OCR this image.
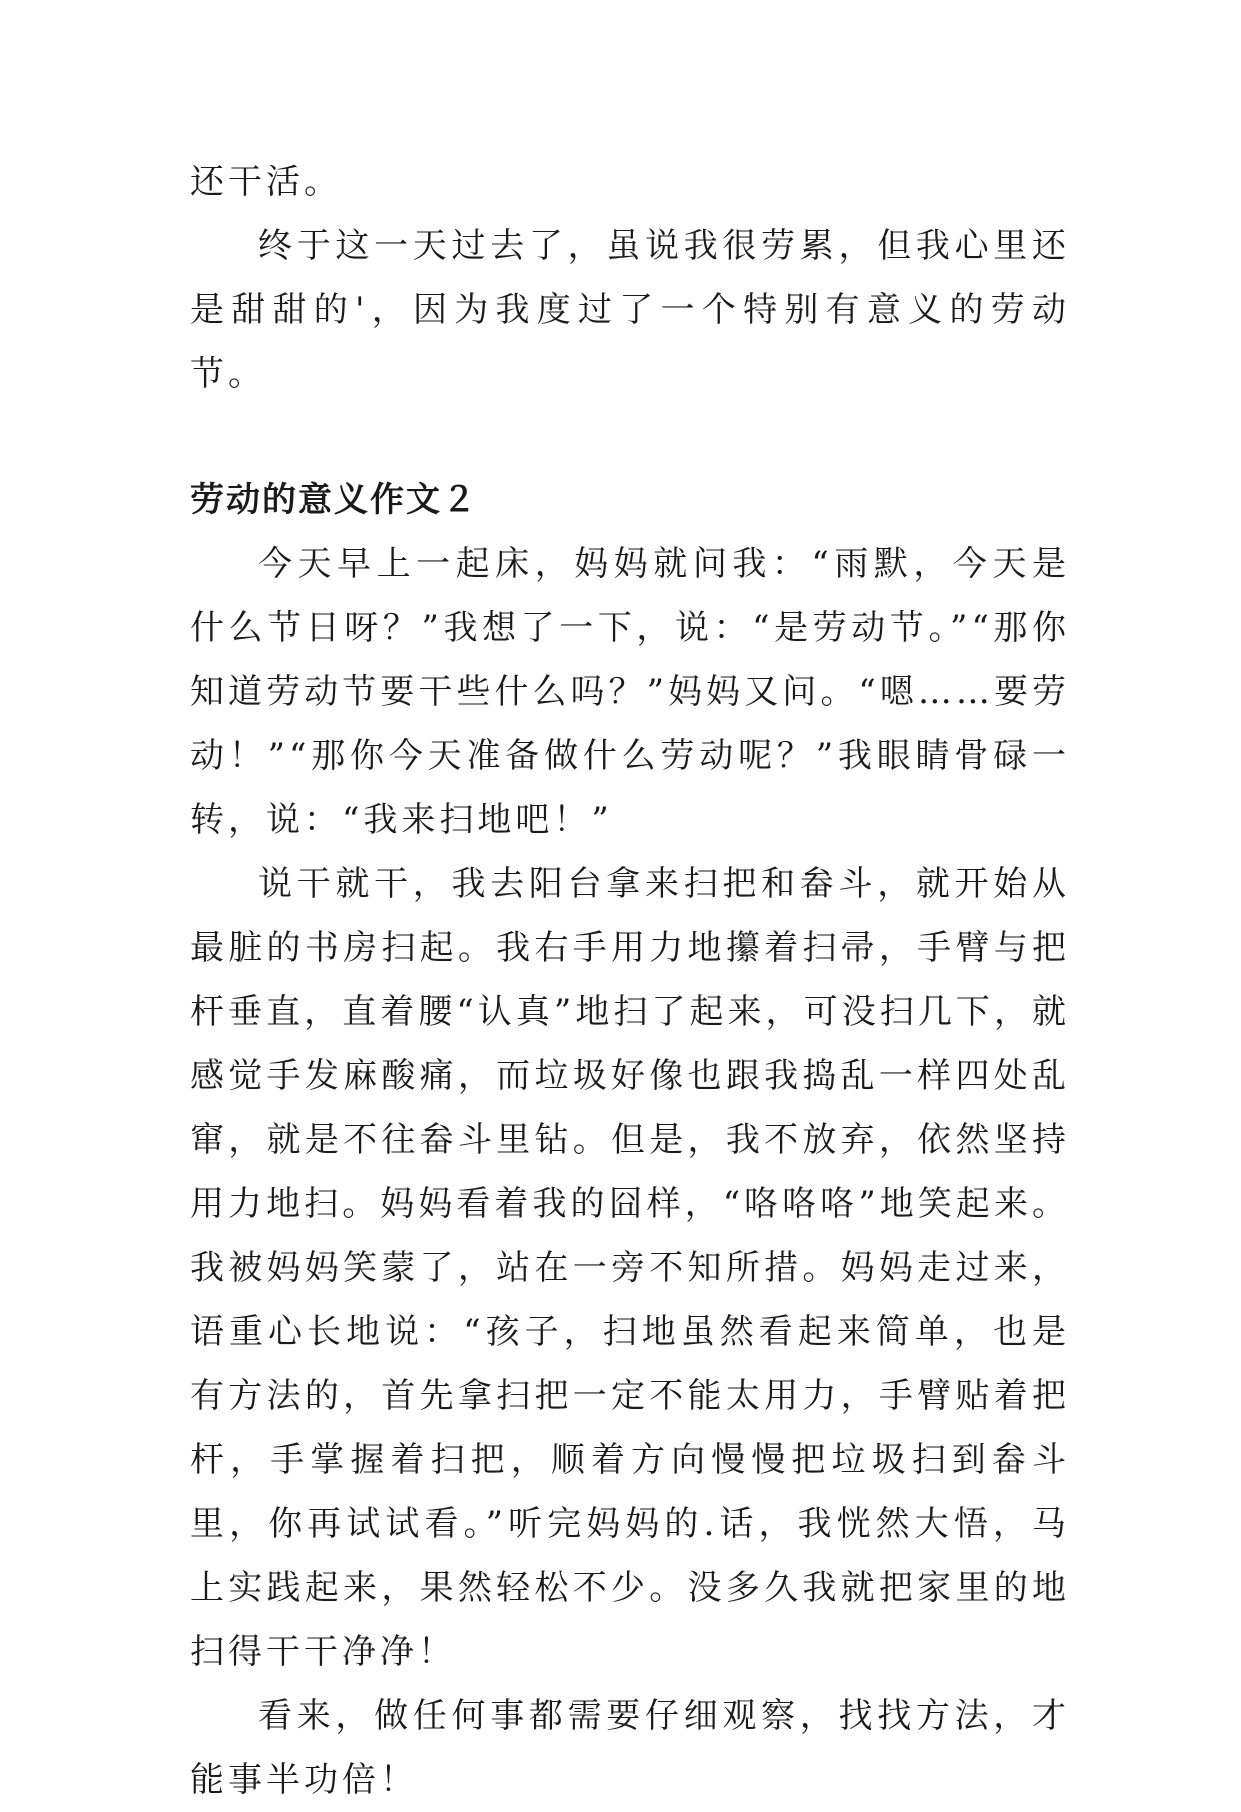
还干活。

终于这一天过去了，虽说我很劳累，但我心里还是甜甜的'，因为我度过了一个特别有意义的劳动节。

劳动的意义作文２

今天早上一起床，妈妈就问我：“雨默，今天是什么节日呀？”我想了一下，说：“是劳动节。”“那你知道劳动节要干些什么吗？”妈妈又问。“嗯……要劳动！”“那你今天准备做什么劳动呢？”我眼睛骨碌一转，说：“我来扫地吧！”

说干就干，我去阳台拿来扫把和畚斗，就开始从最脏的书房扫起。我右手用力地攥着扫帚，手臂与把杆垂直，直着腰“认真”地扫了起来，可没扫几下，就感觉手发麻酸痛，而垃圾好像也跟我捣乱一样四处乱窜，就是不往畚斗里钻。但是，我不放弃，依然坚持用力地扫。妈妈看着我的囧样，“咯咯咯”地笑起来。我被妈妈笑蒙了，站在一旁不知所措。妈妈走过来，语重心长地说：“孩子，扫地虽然看起来简单，也是有方法的，首先拿扫把一定不能太用力，手臂贴着把杆，手掌握着扫把，顺着方向慢慢把垃圾扫到畚斗里，你再试试看。”听完妈妈的.话，我恍然大悟，马上实践起来，果然轻松不少。没多久我就把家里的地扫得干干净净！

看来，做任何事都需要仔细观察，找找方法，才能事半功倍！
